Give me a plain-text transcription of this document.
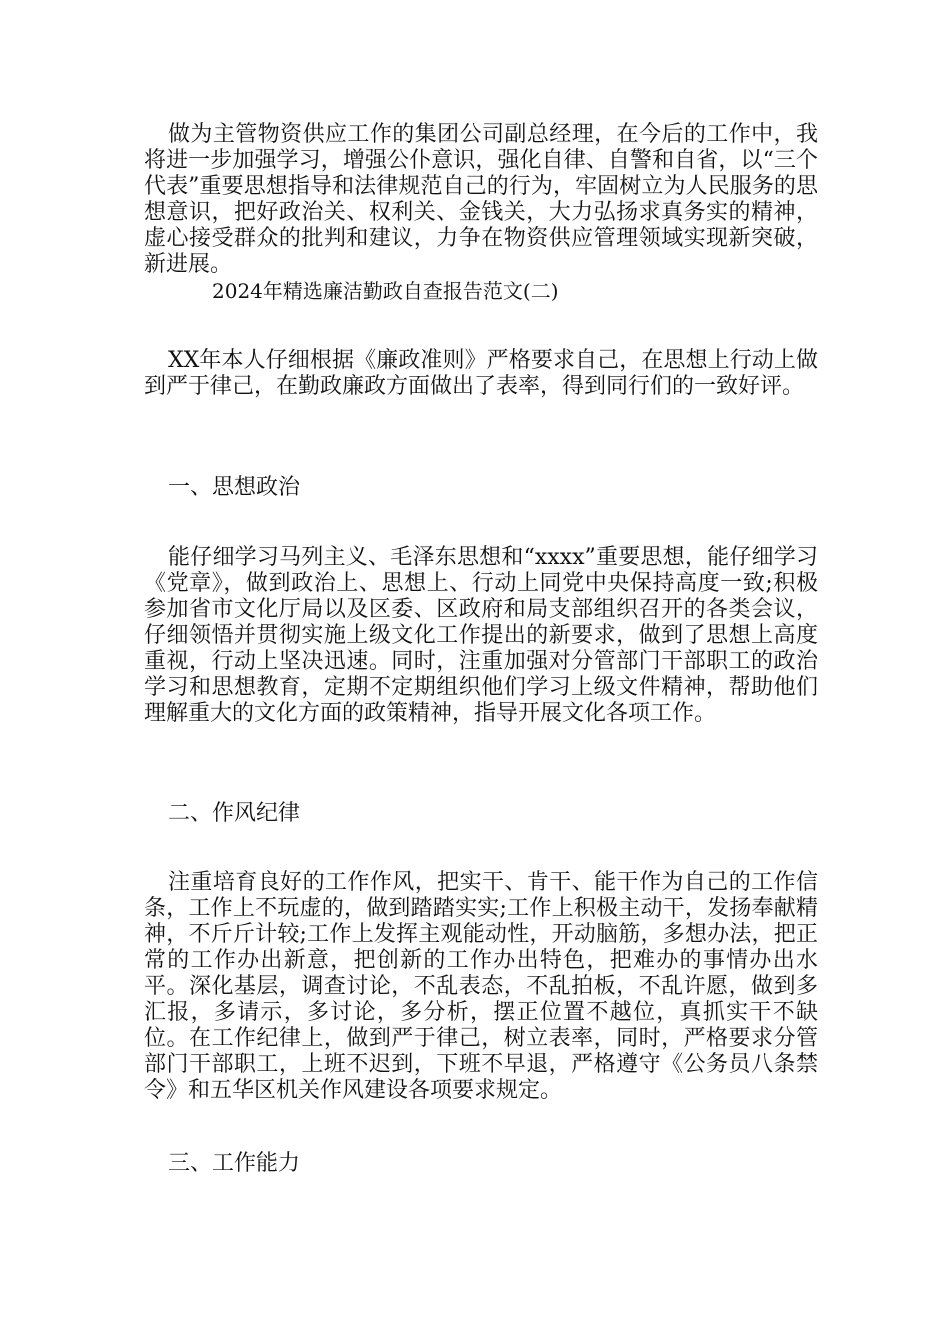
做为主管物资供应工作的集团公司副总经理，在今后的工作中，我将进一步加强学习，增强公仆意识，强化自律、自警和自省，以“三个代表”重要思想指导和法律规范自己的行为，牢固树立为人民服务的思想意识，把好政治关、权利关、金钱关，大力弘扬求真务实的精神，虚心接受群众的批判和建议，力争在物资供应管理领域实现新突破，新进展。

2024年精选廉洁勤政自查报告范文(二)

XX年本人仔细根据《廉政准则》严格要求自己，在思想上行动上做到严于律己，在勤政廉政方面做出了表率，得到同行们的一致好评。

一、思想政治

能仔细学习马列主义、毛泽东思想和“xxxx”重要思想，能仔细学习《党章》，做到政治上、思想上、行动上同党中央保持高度一致;积极参加省市文化厅局以及区委、区政府和局支部组织召开的各类会议，仔细领悟并贯彻实施上级文化工作提出的新要求，做到了思想上高度重视，行动上坚决迅速。同时，注重加强对分管部门干部职工的政治学习和思想教育，定期不定期组织他们学习上级文件精神，帮助他们理解重大的文化方面的政策精神，指导开展文化各项工作。

二、作风纪律

注重培育良好的工作作风，把实干、肯干、能干作为自己的工作信条，工作上不玩虚的，做到踏踏实实;工作上积极主动干，发扬奉献精神，不斤斤计较;工作上发挥主观能动性，开动脑筋，多想办法，把正常的工作办出新意，把创新的工作办出特色，把难办的事情办出水平。深化基层，调查讨论，不乱表态，不乱拍板，不乱许愿，做到多汇报，多请示，多讨论，多分析，摆正位置不越位，真抓实干不缺位。在工作纪律上，做到严于律己，树立表率，同时，严格要求分管部门干部职工，上班不迟到，下班不早退，严格遵守《公务员八条禁令》和五华区机关作风建设各项要求规定。

三、工作能力
